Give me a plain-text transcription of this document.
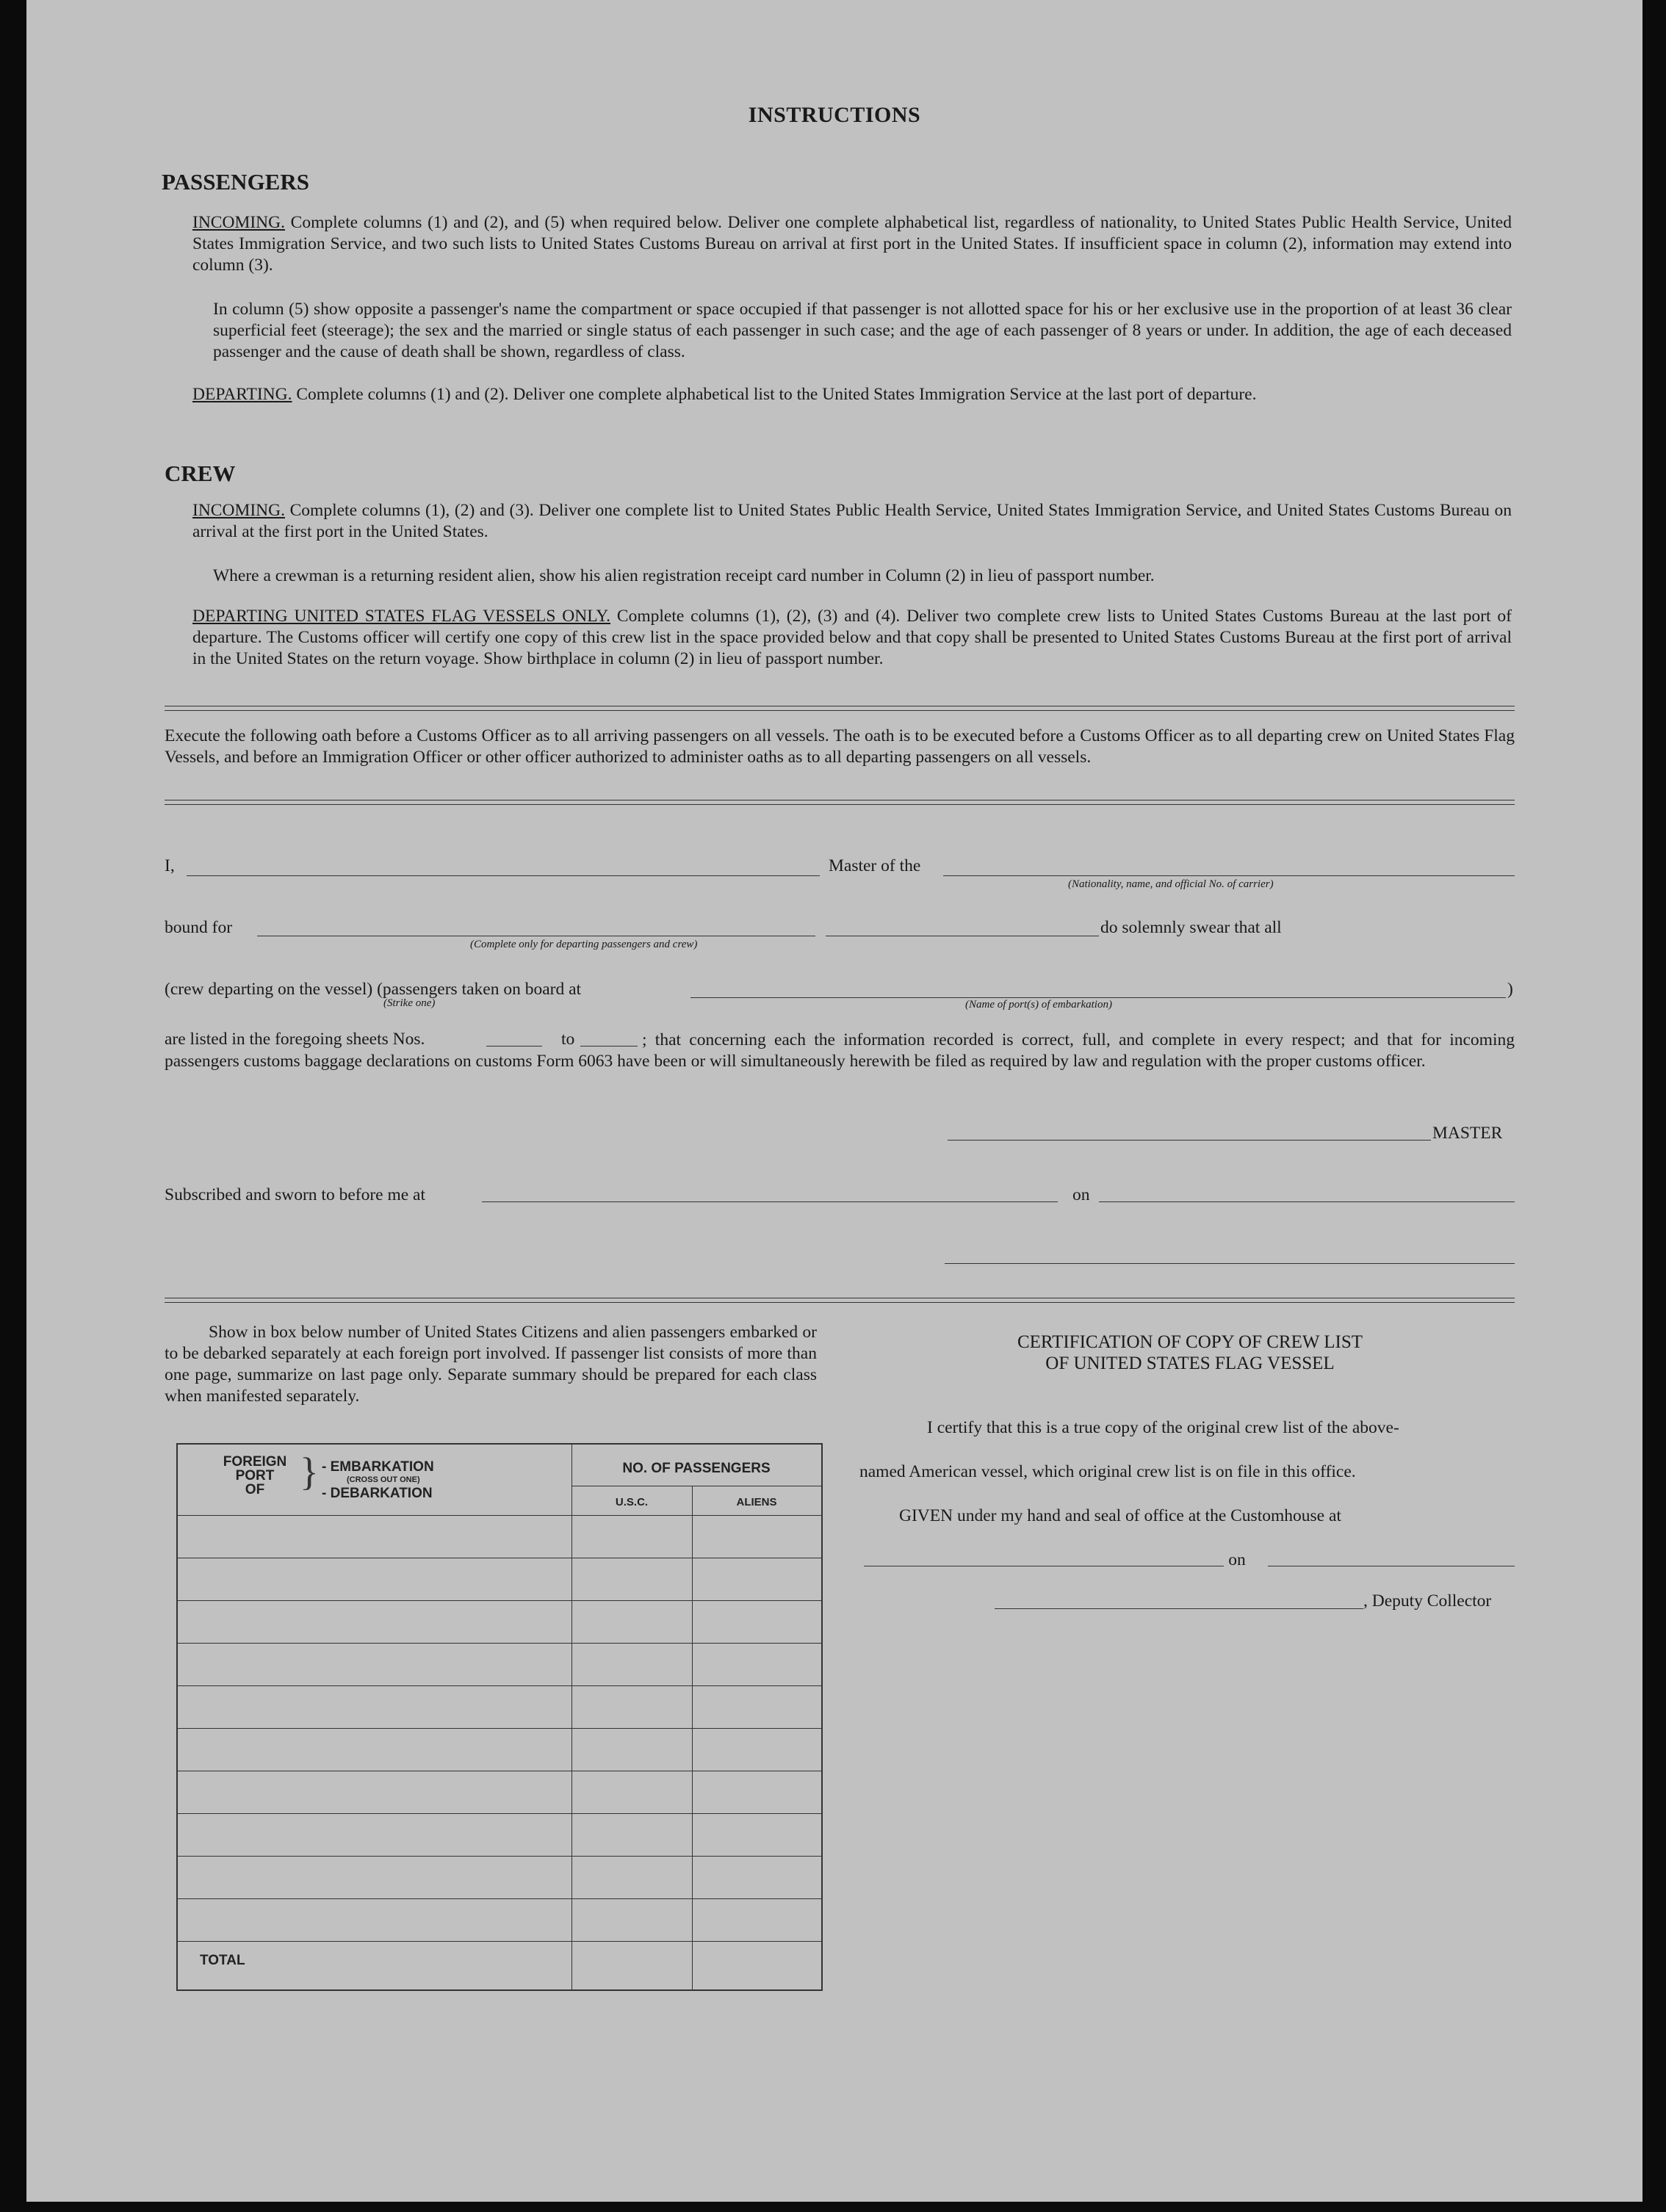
INSTRUCTIONS
PASSENGERS
INCOMING. Complete columns (1) and (2), and (5) when required below. Deliver one complete alphabetical list, regardless of nationality, to United States Public Health Service, United States Immigration Service, and two such lists to United States Customs Bureau on arrival at first port in the United States. If insufficient space in column (2), information may extend into column (3).
In column (5) show opposite a passenger's name the compartment or space occupied if that passenger is not allotted space for his or her exclusive use in the proportion of at least 36 clear superficial feet (steerage); the sex and the married or single status of each passenger in such case; and the age of each passenger of 8 years or under. In addition, the age of each deceased passenger and the cause of death shall be shown, regardless of class.
DEPARTING. Complete columns (1) and (2). Deliver one complete alphabetical list to the United States Immigration Service at the last port of departure.
CREW
INCOMING. Complete columns (1), (2) and (3). Deliver one complete list to United States Public Health Service, United States Immigration Service, and United States Customs Bureau on arrival at the first port in the United States.
Where a crewman is a returning resident alien, show his alien registration receipt card number in Column (2) in lieu of passport number.
DEPARTING UNITED STATES FLAG VESSELS ONLY. Complete columns (1), (2), (3) and (4). Deliver two complete crew lists to United States Customs Bureau at the last port of departure. The Customs officer will certify one copy of this crew list in the space provided below and that copy shall be presented to United States Customs Bureau at the first port of arrival in the United States on the return voyage. Show birthplace in column (2) in lieu of passport number.
Execute the following oath before a Customs Officer as to all arriving passengers on all vessels. The oath is to be executed before a Customs Officer as to all departing crew on United States Flag Vessels, and before an Immigration Officer or other officer authorized to administer oaths as to all departing passengers on all vessels.
I,	Master of the
(Nationality, name, and official No. of carrier)
bound for
(Complete only for departing passengers and crew)
do solemnly swear that all
(crew departing on the vessel) (passengers taken on board at
(Strike one)	(Name of port(s) of embarkation)
)
are listed in the foregoing sheets Nos.	to	; that concerning each the information recorded is correct, full, and complete in every respect; and that for incoming passengers customs baggage declarations on customs Form 6063 have been or will simultaneously herewith be filed as required by law and regulation with the proper customs officer.
MASTER
Subscribed and sworn to before me at	on
Show in box below number of United States Citizens and alien passengers embarked or to be debarked separately at each foreign port involved. If passenger list consists of more than one page, summarize on last page only. Separate summary should be prepared for each class when manifested separately.
FOREIGN
PORT
OF } - EMBARKATION
(CROSS OUT ONE)
- DEBARKATION
NO. OF PASSENGERS
U.S.C.	ALIENS
TOTAL
CERTIFICATION OF COPY OF CREW LIST
OF UNITED STATES FLAG VESSEL
I certify that this is a true copy of the original crew list of the above-
named American vessel, which original crew list is on file in this office.
GIVEN under my hand and seal of office at the Customhouse at
on
, Deputy Collector
